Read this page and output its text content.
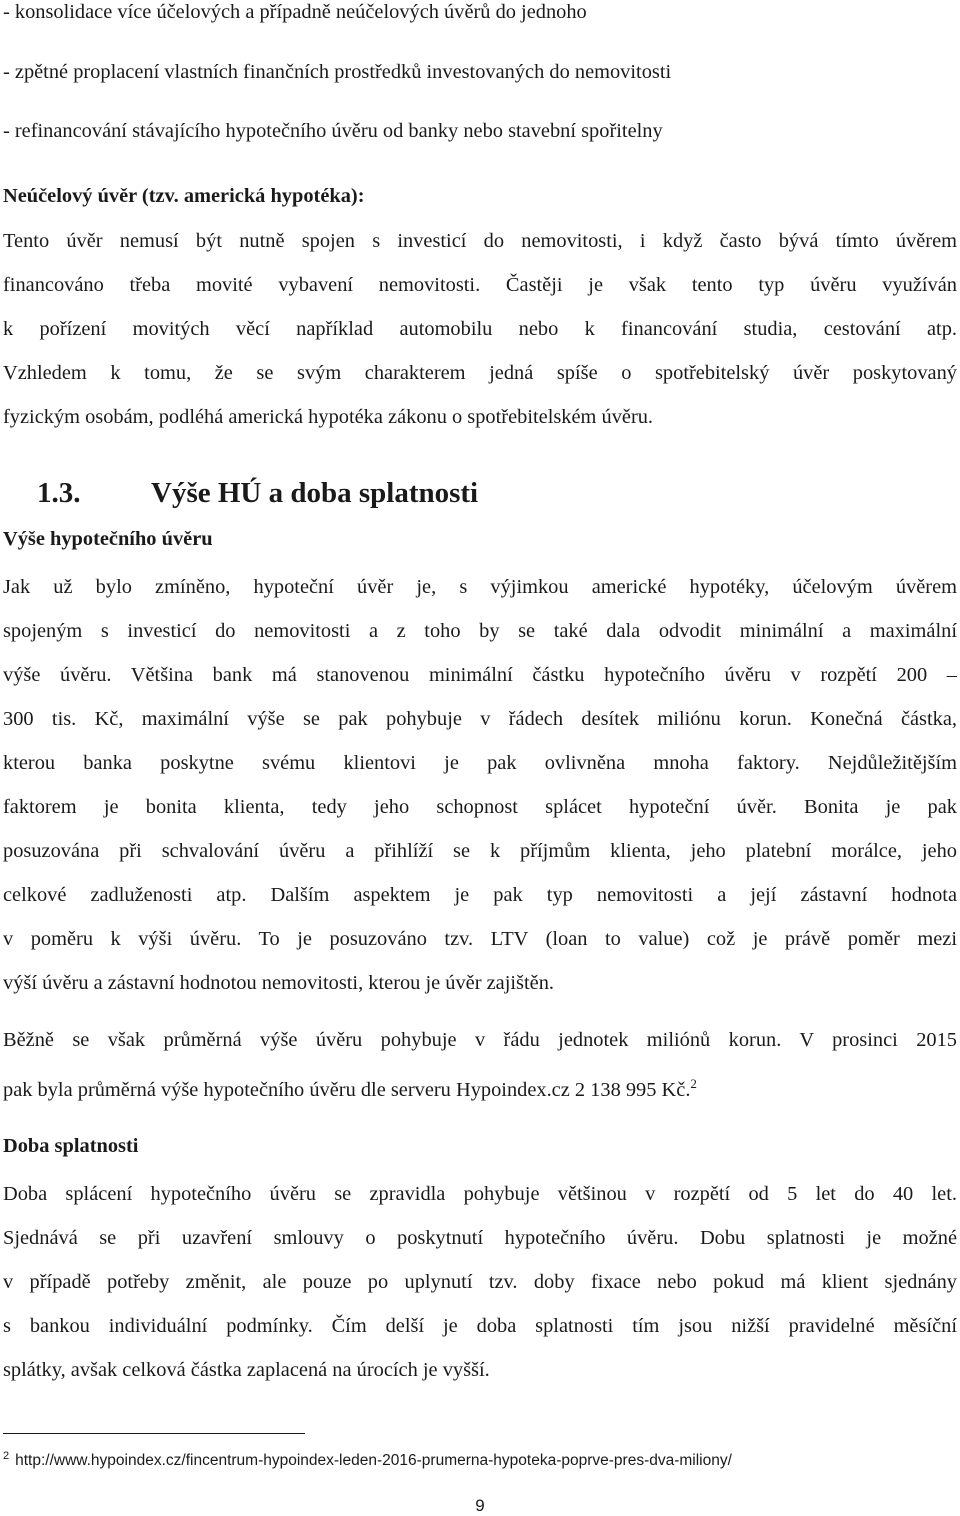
- konsolidace více účelových a případně neúčelových úvěrů do jednoho
- zpětné proplacení vlastních finančních prostředků investovaných do nemovitosti
- refinancování stávajícího hypotečního úvěru od banky nebo stavební spořitelny
Neúčelový úvěr (tzv. americká hypotéka):
Tento úvěr nemusí být nutně spojen s investicí do nemovitosti, i když často bývá tímto úvěrem
financováno třeba movité vybavení nemovitosti. Častěji je však tento typ úvěru využíván
k pořízení movitých věcí například automobilu nebo k financování studia, cestování atp.
Vzhledem k tomu, že se svým charakterem jedná spíše o spotřebitelský úvěr poskytovaný
fyzickým osobám, podléhá americká hypotéka zákonu o spotřebitelském úvěru.
1.3. Výše HÚ a doba splatnosti
Výše hypotečního úvěru
Jak už bylo zmíněno, hypoteční úvěr je, s výjimkou americké hypotéky, účelovým úvěrem
spojeným s investicí do nemovitosti a z toho by se také dala odvodit minimální a maximální
výše úvěru. Většina bank má stanovenou minimální částku hypotečního úvěru v rozpětí 200 –
300 tis. Kč, maximální výše se pak pohybuje v řádech desítek miliónu korun. Konečná částka,
kterou banka poskytne svému klientovi je pak ovlivněna mnoha faktory. Nejdůležitějším
faktorem je bonita klienta, tedy jeho schopnost splácet hypoteční úvěr. Bonita je pak
posuzována při schvalování úvěru a přihlíží se k příjmům klienta, jeho platební morálce, jeho
celkové zadluženosti atp. Dalším aspektem je pak typ nemovitosti a její zástavní hodnota
v poměru k výši úvěru. To je posuzováno tzv. LTV (loan to value) což je právě poměr mezi
výší úvěru a zástavní hodnotou nemovitosti, kterou je úvěr zajištěn.
Běžně se však průměrná výše úvěru pohybuje v řádu jednotek miliónů korun. V prosinci 2015
pak byla průměrná výše hypotečního úvěru dle serveru Hypoindex.cz 2 138 995 Kč.$^2$
Doba splatnosti
Doba splácení hypotečního úvěru se zpravidla pohybuje většinou v rozpětí od 5 let do 40 let.
Sjednává se při uzavření smlouvy o poskytnutí hypotečního úvěru. Dobu splatnosti je možné
v případě potřeby změnit, ale pouze po uplynutí tzv. doby fixace nebo pokud má klient sjednány
s bankou individuální podmínky. Čím delší je doba splatnosti tím jsou nižší pravidelné měsíční
splátky, avšak celková částka zaplacená na úrocích je vyšší.
$^2$ http://www.hypoindex.cz/fincentrum-hypoindex-leden-2016-prumerna-hypoteka-poprve-pres-dva-miliony/
9
